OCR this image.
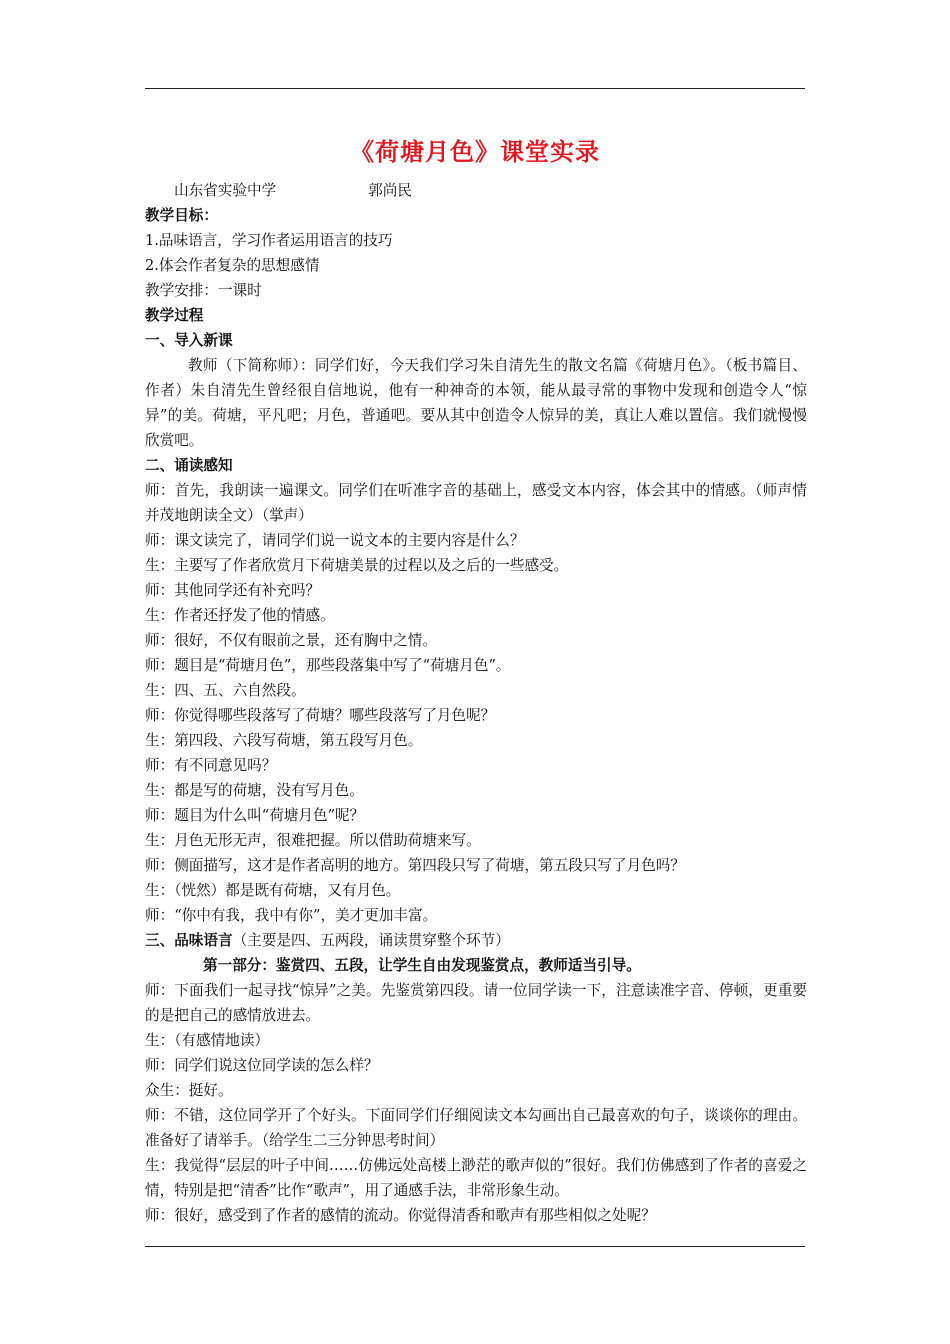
《荷塘月色》课堂实录

山东省实验中学	郭尚民

教学目标：

1.品味语言，学习作者运用语言的技巧

2.体会作者复杂的思想感情

教学安排：一课时

教学过程

一、导入新课

教师（下简称师）：同学们好，今天我们学习朱自清先生的散文名篇《荷塘月色》。（板书篇目、作者）朱自清先生曾经很自信地说，他有一种神奇的本领，能从最寻常的事物中发现和创造令人“惊异”的美。荷塘，平凡吧；月色，普通吧。要从其中创造令人惊异的美，真让人难以置信。我们就慢慢欣赏吧。

二、诵读感知

师：首先，我朗读一遍课文。同学们在听准字音的基础上，感受文本内容，体会其中的情感。（师声情并茂地朗读全文）（掌声）

师：课文读完了，请同学们说一说文本的主要内容是什么？

生：主要写了作者欣赏月下荷塘美景的过程以及之后的一些感受。

师：其他同学还有补充吗？

生：作者还抒发了他的情感。

师：很好，不仅有眼前之景，还有胸中之情。

师：题目是“荷塘月色”，那些段落集中写了“荷塘月色”。

生：四、五、六自然段。

师：你觉得哪些段落写了荷塘？哪些段落写了月色呢？

生：第四段、六段写荷塘，第五段写月色。

师：有不同意见吗？

生：都是写的荷塘，没有写月色。

师：题目为什么叫“荷塘月色”呢？

生：月色无形无声，很难把握。所以借助荷塘来写。

师：侧面描写，这才是作者高明的地方。第四段只写了荷塘，第五段只写了月色吗？

生：（恍然）都是既有荷塘，又有月色。

师：“你中有我，我中有你”，美才更加丰富。

三、品味语言（主要是四、五两段，诵读贯穿整个环节）

第一部分：鉴赏四、五段，让学生自由发现鉴赏点，教师适当引导。

师：下面我们一起寻找“惊异”之美。先鉴赏第四段。请一位同学读一下，注意读准字音、停顿，更重要的是把自己的感情放进去。

生：（有感情地读）

师：同学们说这位同学读的怎么样？

众生：挺好。

师：不错，这位同学开了个好头。下面同学们仔细阅读文本勾画出自己最喜欢的句子，谈谈你的理由。准备好了请举手。（给学生二三分钟思考时间）

生：我觉得“层层的叶子中间……仿佛远处高楼上渺茫的歌声似的”很好。我们仿佛感到了作者的喜爱之情，特别是把“清香”比作“歌声”，用了通感手法，非常形象生动。

师：很好，感受到了作者的感情的流动。你觉得清香和歌声有那些相似之处呢？
